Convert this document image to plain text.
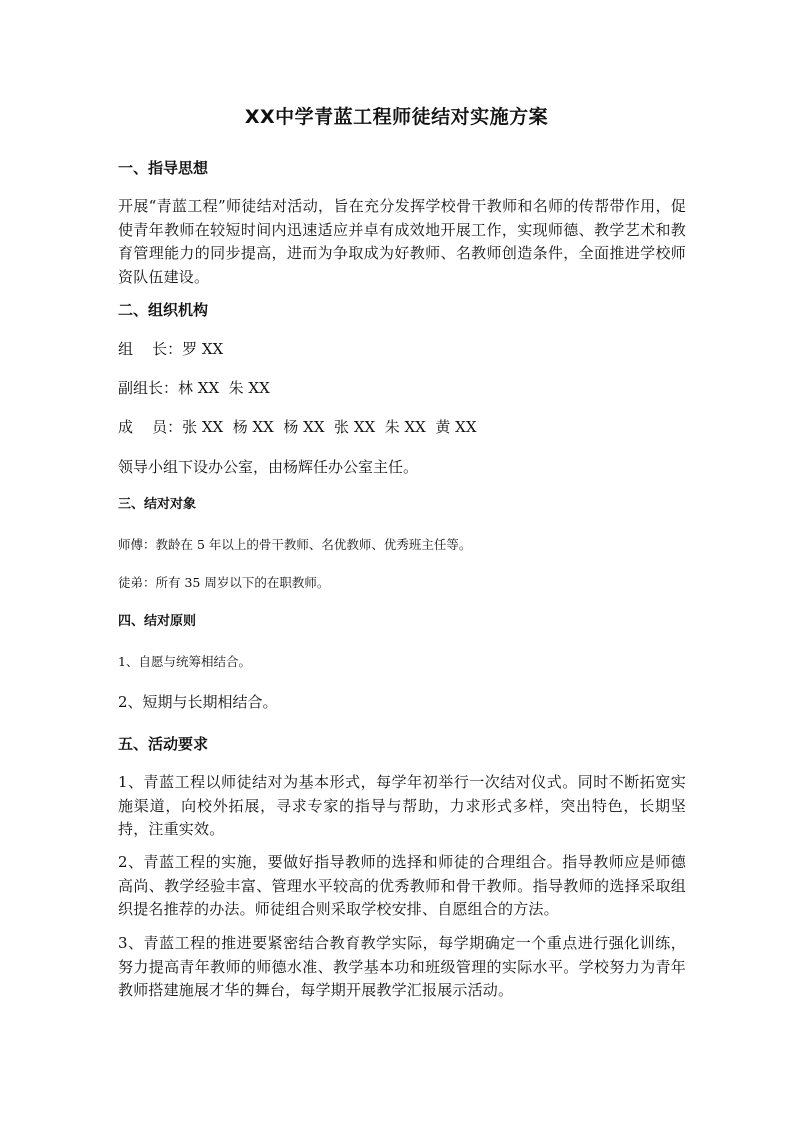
XX中学青蓝工程师徒结对实施方案
一、指导思想
开展“青蓝工程”师徒结对活动，旨在充分发挥学校骨干教师和名师的传帮带作用，促使青年教师在较短时间内迅速适应并卓有成效地开展工作，实现师德、教学艺术和教育管理能力的同步提高，进而为争取成为好教师、名教师创造条件，全面推进学校师资队伍建设。
二、组织机构
组    长：罗 XX
副组长：林 XX  朱 XX
成    员：张 XX  杨 XX  杨 XX  张 XX  朱 XX  黄 XX
领导小组下设办公室，由杨辉任办公室主任。
三、结对对象
师傅：教龄在 5 年以上的骨干教师、名优教师、优秀班主任等。
徒弟：所有 35 周岁以下的在职教师。
四、结对原则
1、自愿与统筹相结合。
2、短期与长期相结合。
五、活动要求
1、青蓝工程以师徒结对为基本形式，每学年初举行一次结对仪式。同时不断拓宽实施渠道，向校外拓展，寻求专家的指导与帮助，力求形式多样，突出特色，长期坚持，注重实效。
2、青蓝工程的实施，要做好指导教师的选择和师徒的合理组合。指导教师应是师德高尚、教学经验丰富、管理水平较高的优秀教师和骨干教师。指导教师的选择采取组织提名推荐的办法。师徒组合则采取学校安排、自愿组合的方法。
3、青蓝工程的推进要紧密结合教育教学实际，每学期确定一个重点进行强化训练，努力提高青年教师的师德水准、教学基本功和班级管理的实际水平。学校努力为青年教师搭建施展才华的舞台，每学期开展教学汇报展示活动。
